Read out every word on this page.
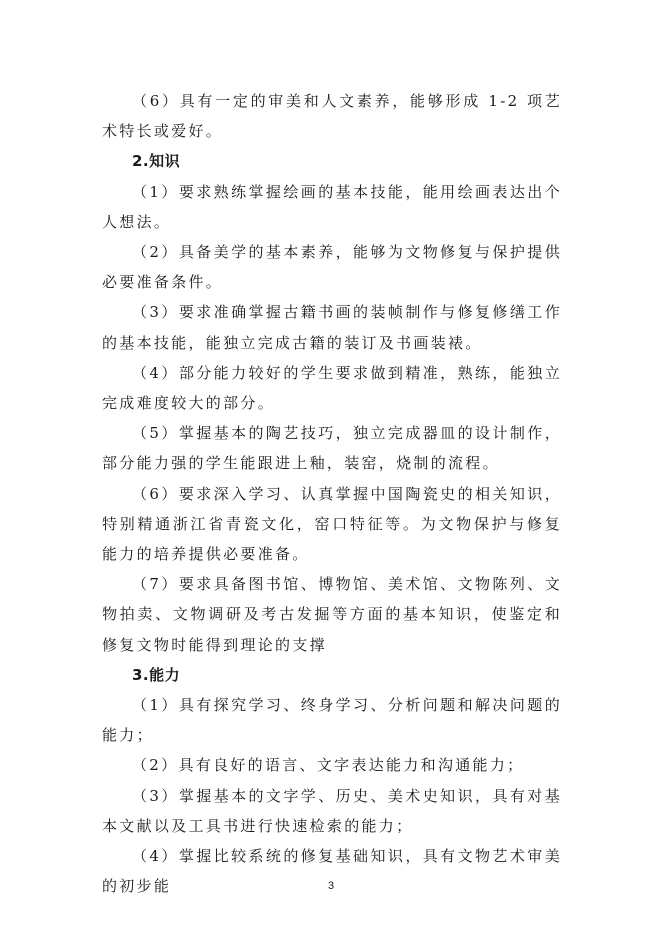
（6）具有一定的审美和人文素养，能够形成 1-2 项艺术特长或爱好。

2.知识

（1）要求熟练掌握绘画的基本技能，能用绘画表达出个人想法。

（2）具备美学的基本素养，能够为文物修复与保护提供必要准备条件。

（3）要求准确掌握古籍书画的装帧制作与修复修缮工作的基本技能，能独立完成古籍的装订及书画装裱。

（4）部分能力较好的学生要求做到精准，熟练，能独立完成难度较大的部分。

（5）掌握基本的陶艺技巧，独立完成器皿的设计制作，部分能力强的学生能跟进上釉，装窑，烧制的流程。

（6）要求深入学习、认真掌握中国陶瓷史的相关知识，特别精通浙江省青瓷文化，窑口特征等。为文物保护与修复能力的培养提供必要准备。

（7）要求具备图书馆、博物馆、美术馆、文物陈列、文物拍卖、文物调研及考古发掘等方面的基本知识，使鉴定和修复文物时能得到理论的支撑

3.能力

（1）具有探究学习、终身学习、分析问题和解决问题的能力；

（2）具有良好的语言、文字表达能力和沟通能力；

（3）掌握基本的文字学、历史、美术史知识，具有对基本文献以及工具书进行快速检索的能力；

（4）掌握比较系统的修复基础知识，具有文物艺术审美的初步能	3
